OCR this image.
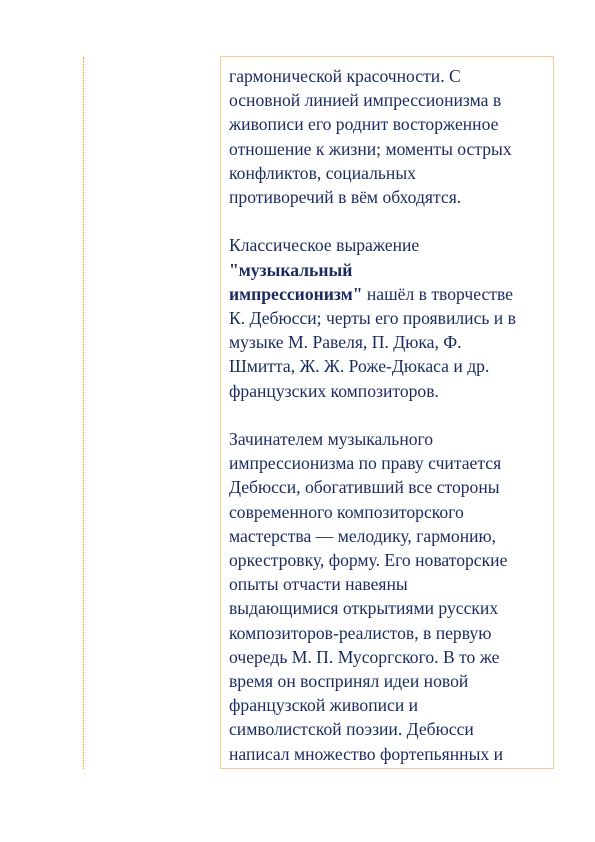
гармонической красочности. С
основной линией импрессионизма в
живописи его роднит восторженное
отношение к жизни; моменты острых
конфликтов, социальных
противоречий в вём обходятся.

Классическое выражение
"музыкальный
импрессионизм" нашёл в творчестве
К. Дебюсси; черты его проявились и в
музыке М. Равеля, П. Дюка, Ф.
Шмитта, Ж. Ж. Роже-Дюкаса и др.
французских композиторов.

Зачинателем музыкального
импрессионизма по праву считается
Дебюсси, обогативший все стороны
современного композиторского
мастерства — мелодику, гармонию,
оркестровку, форму. Его новаторские
опыты отчасти навеяны
выдающимися открытиями русских
композиторов-реалистов, в первую
очередь М. П. Мусоргского. В то же
время он воспринял идеи новой
французской живописи и
символистской поэзии. Дебюсси
написал множество фортепьянных и
